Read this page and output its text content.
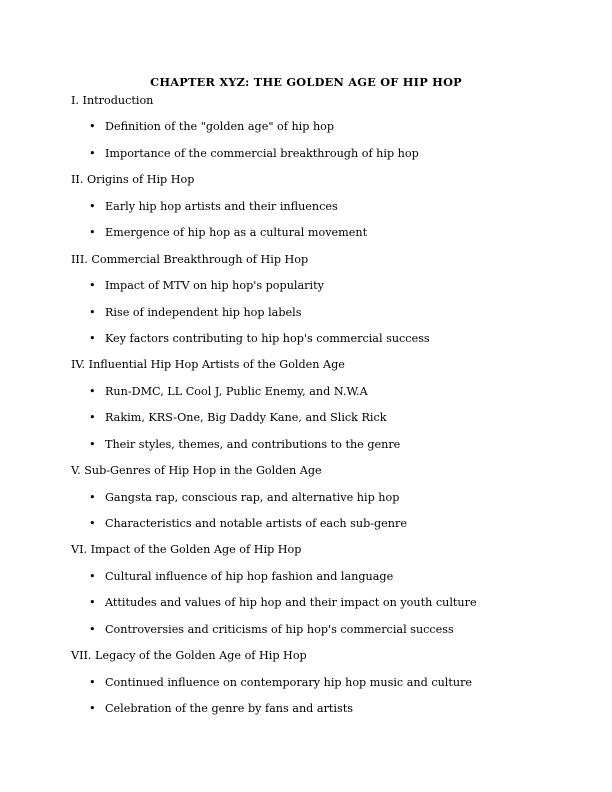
CHAPTER XYZ: THE GOLDEN AGE OF HIP HOP
I. Introduction
• Definition of the "golden age" of hip hop
• Importance of the commercial breakthrough of hip hop
II. Origins of Hip Hop
• Early hip hop artists and their influences
• Emergence of hip hop as a cultural movement
III. Commercial Breakthrough of Hip Hop
• Impact of MTV on hip hop's popularity
• Rise of independent hip hop labels
• Key factors contributing to hip hop's commercial success
IV. Influential Hip Hop Artists of the Golden Age
• Run-DMC, LL Cool J, Public Enemy, and N.W.A
• Rakim, KRS-One, Big Daddy Kane, and Slick Rick
• Their styles, themes, and contributions to the genre
V. Sub-Genres of Hip Hop in the Golden Age
• Gangsta rap, conscious rap, and alternative hip hop
• Characteristics and notable artists of each sub-genre
VI. Impact of the Golden Age of Hip Hop
• Cultural influence of hip hop fashion and language
• Attitudes and values of hip hop and their impact on youth culture
• Controversies and criticisms of hip hop's commercial success
VII. Legacy of the Golden Age of Hip Hop
• Continued influence on contemporary hip hop music and culture
• Celebration of the genre by fans and artists
